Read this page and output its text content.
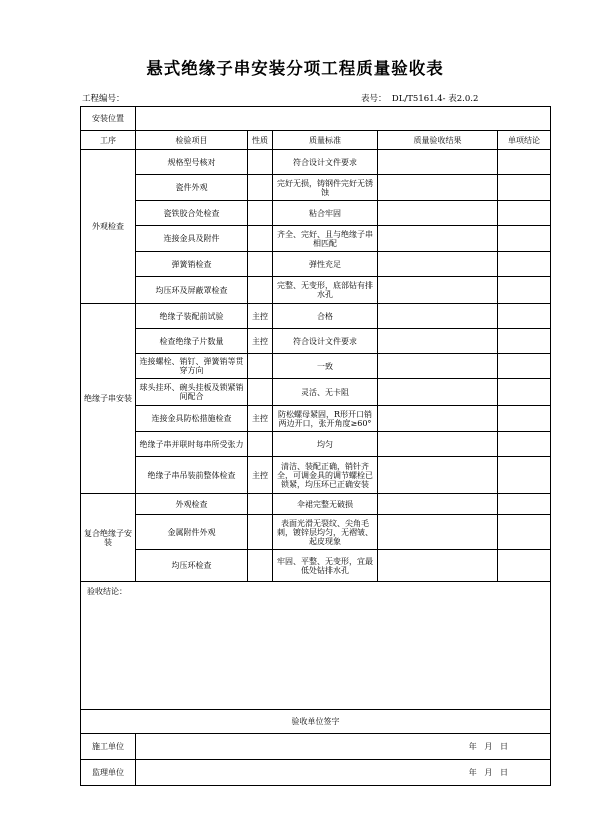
悬式绝缘子串安装分项工程质量验收表
工程编号：	表号： DL/T5161.4- 表2.0.2
安装位置					
工序	检验项目	性质	质量标准	质量验收结果	单项结论
外观检查	规格型号核对		符合设计文件要求		
	瓷件外观		完好无损，铸钢件完好无锈蚀		
	瓷铁胶合处检查		粘合牢固		
	连接金具及附件		齐全、完好、且与绝缘子串相匹配		
	弹簧销检查		弹性充足		
	均压环及屏蔽罩检查		完整、无变形，底部钻有排水孔		
绝缘子串安装	绝缘子装配前试验	主控	合格		
	检查绝缘子片数量	主控	符合设计文件要求		
	连接螺栓、销钉、弹簧销等贯穿方向		一致		
	球头挂环、碗头挂板及锁紧销间配合		灵活、无卡阻		
	连接金具防松措施检查	主控	防松螺母紧固，R形开口销两边开口，张开角度≥60°		
	绝缘子串并联时每串所受张力		均匀		
	绝缘子串吊装前整体检查	主控	清洁、装配正确，销针齐全，可调金具的调节螺栓已锁紧，均压环已正确安装		
复合绝缘子安装	外观检查		伞裙完整无破损		
	金属附件外观		表面光滑无裂纹、尖角毛刺，镀锌层均匀，无褶皱、起皮现象		
	均压环检查		牢固、平整、无变形，宜最低处钻排水孔		
验收结论：					
验收单位签字					
施工单位	年   月   日				
监理单位	年   月   日				
